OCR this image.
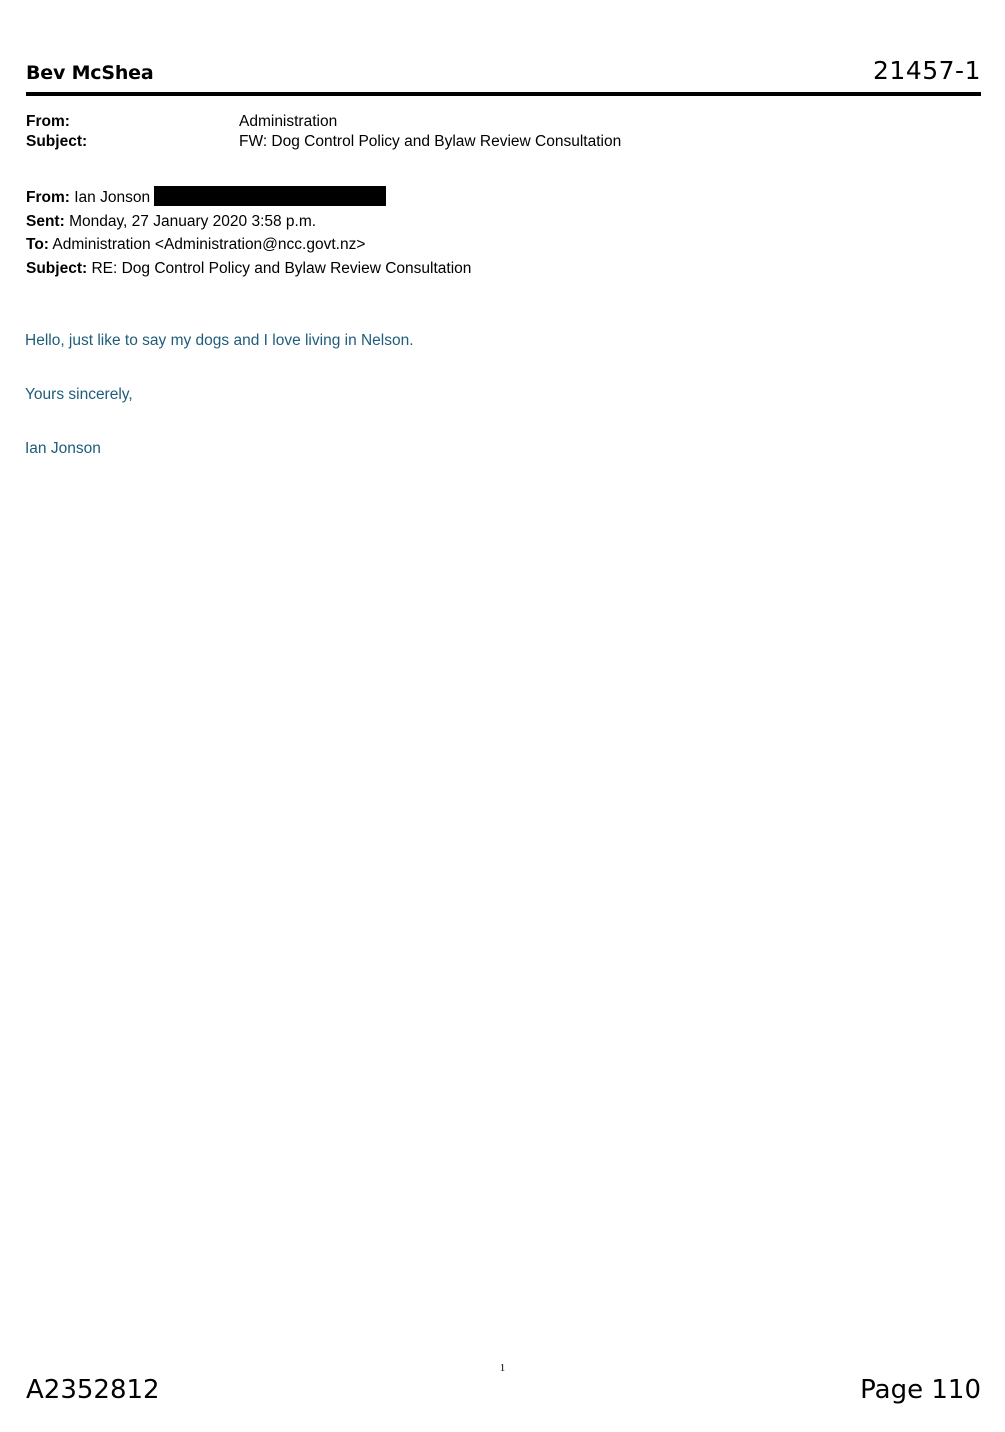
Bev McShea	21457-1
From:	Administration
Subject:	FW: Dog Control Policy and Bylaw Review Consultation
From: Ian Jonson
Sent: Monday, 27 January 2020 3:58 p.m.
To: Administration <Administration@ncc.govt.nz>
Subject: RE: Dog Control Policy and Bylaw Review Consultation

Hello, just like to say my dogs and I love living in Nelson.

Yours sincerely,

Ian Jonson

1
A2352812	Page 110
